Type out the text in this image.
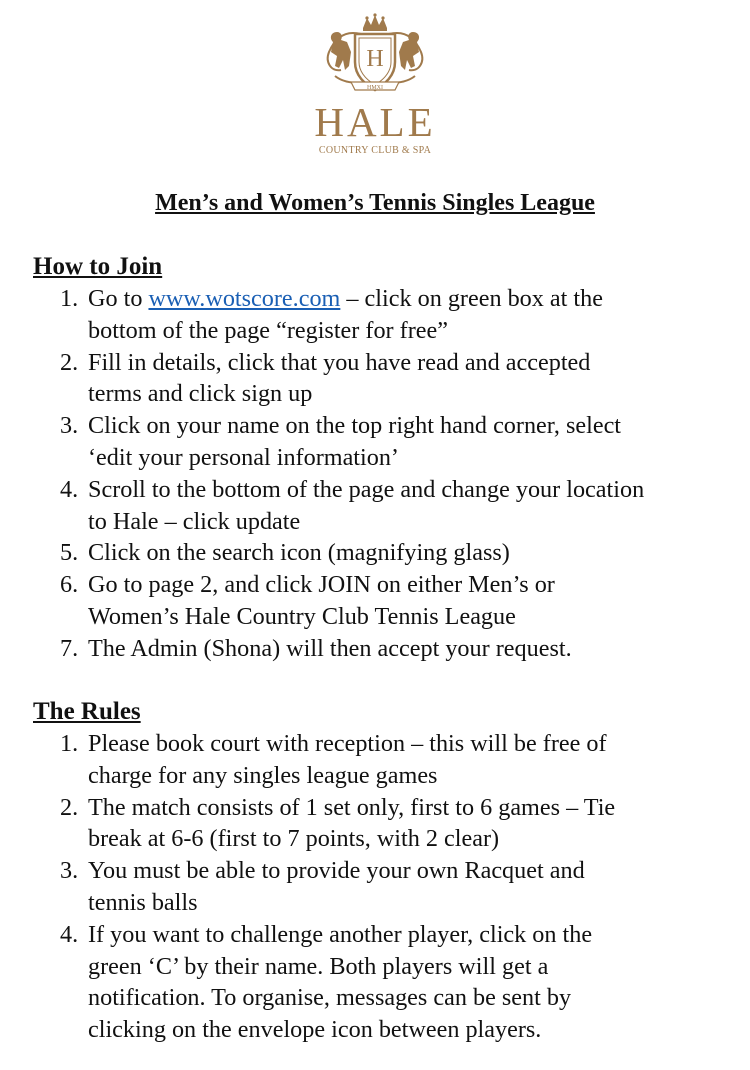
H
HMXI
HALE
COUNTRY CLUB & SPA
Men’s and Women’s Tennis Singles League
How to Join
1. Go to www.wotscore.com – click on green box at the
bottom of the page “register for free”
2. Fill in details, click that you have read and accepted
terms and click sign up
3. Click on your name on the top right hand corner, select
‘edit your personal information’
4. Scroll to the bottom of the page and change your location
to Hale – click update
5. Click on the search icon (magnifying glass)
6. Go to page 2, and click JOIN on either Men’s or
Women’s Hale Country Club Tennis League
7. The Admin (Shona) will then accept your request.
The Rules
1. Please book court with reception – this will be free of
charge for any singles league games
2. The match consists of 1 set only, first to 6 games – Tie
break at 6-6 (first to 7 points, with 2 clear)
3. You must be able to provide your own Racquet and
tennis balls
4. If you want to challenge another player, click on the
green ‘C’ by their name. Both players will get a
notification. To organise, messages can be sent by
clicking on the envelope icon between players.
